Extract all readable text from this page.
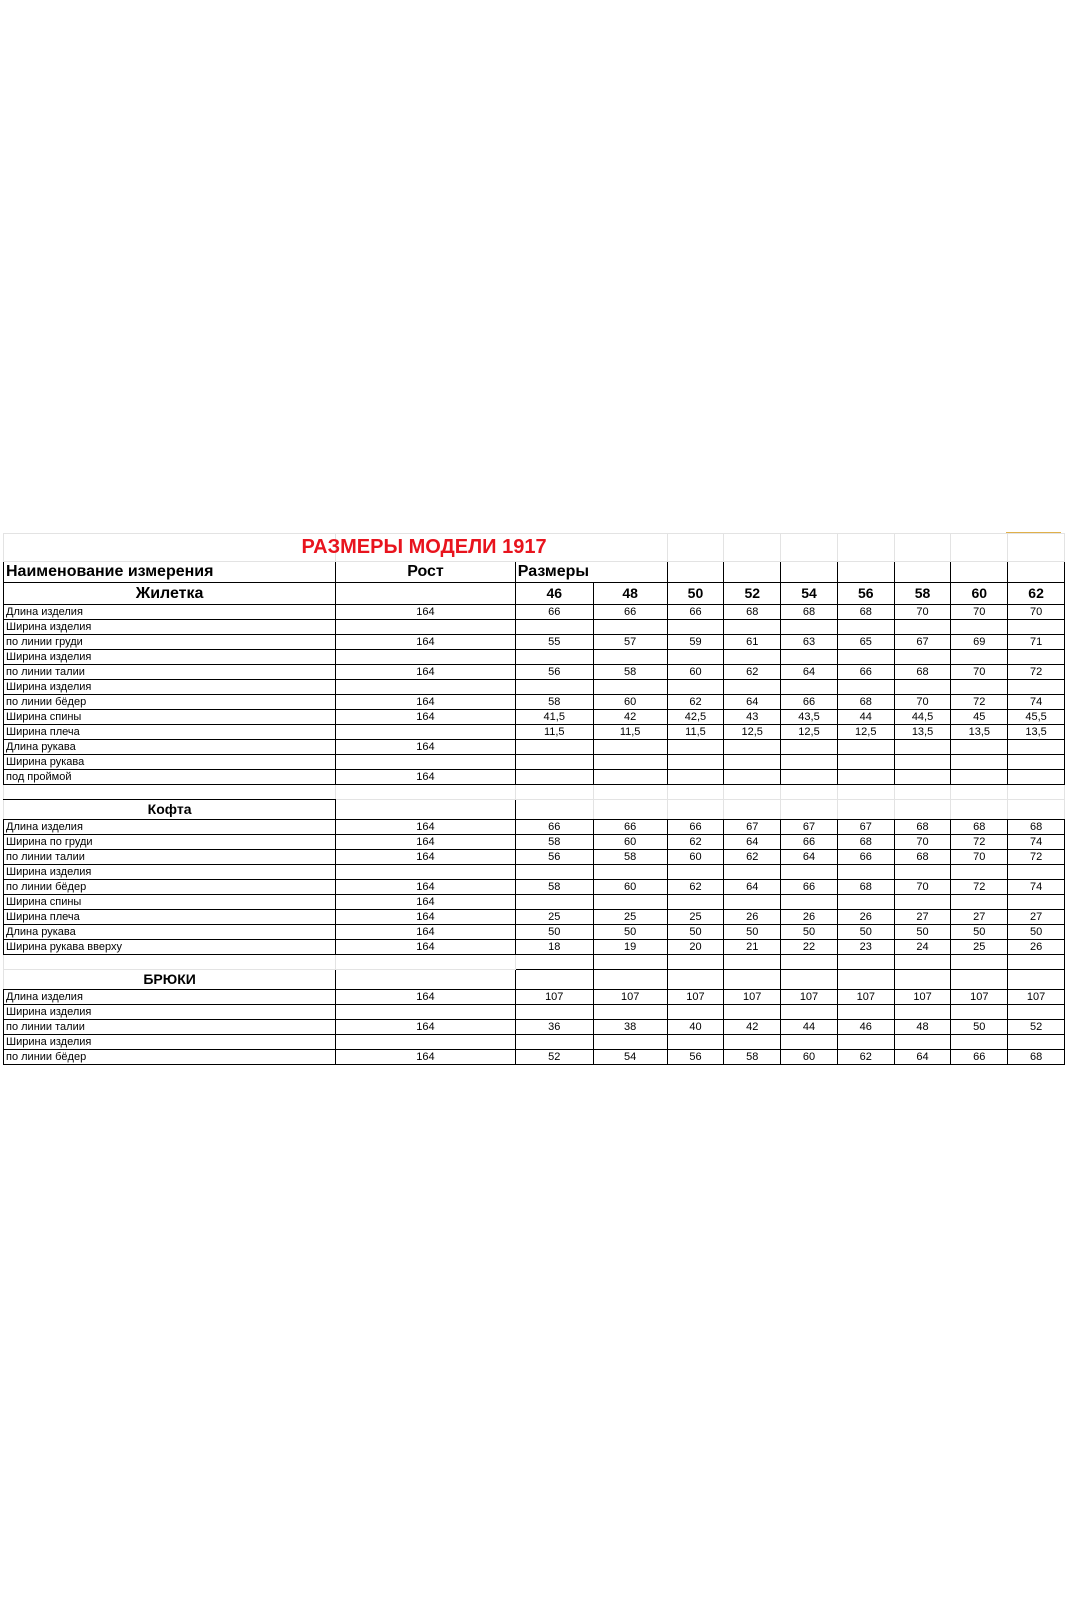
	РАЗМЕРЫ МОДЕЛИ 1917									
Наименование измерения	Рост	Размеры								
Жилетка		46	48	50	52	54	56	58	60	62
Длина изделия	164	66	66	66	68	68	68	70	70	70
Ширина изделия										
по линии груди	164	55	57	59	61	63	65	67	69	71
Ширина изделия										
по линии талии	164	56	58	60	62	64	66	68	70	72
Ширина изделия										
по линии бёдер	164	58	60	62	64	66	68	70	72	74
Ширина спины	164	41,5	42	42,5	43	43,5	44	44,5	45	45,5
Ширина плеча		11,5	11,5	11,5	12,5	12,5	12,5	13,5	13,5	13,5
Длина рукава	164									
Ширина рукава										
под проймой	164									

Кофта										
Длина изделия	164	66	66	66	67	67	67	68	68	68
Ширина по груди	164	58	60	62	64	66	68	70	72	74
по линии талии	164	56	58	60	62	64	66	68	70	72
Ширина изделия										
по линии бёдер	164	58	60	62	64	66	68	70	72	74
Ширина спины	164									
Ширина плеча	164	25	25	25	26	26	26	27	27	27
Длина рукава	164	50	50	50	50	50	50	50	50	50
Ширина рукава вверху	164	18	19	20	21	22	23	24	25	26

БРЮКИ										
Длина изделия	164	107	107	107	107	107	107	107	107	107
Ширина изделия										
по линии талии	164	36	38	40	42	44	46	48	50	52
Ширина изделия										
по линии бёдер	164	52	54	56	58	60	62	64	66	68
